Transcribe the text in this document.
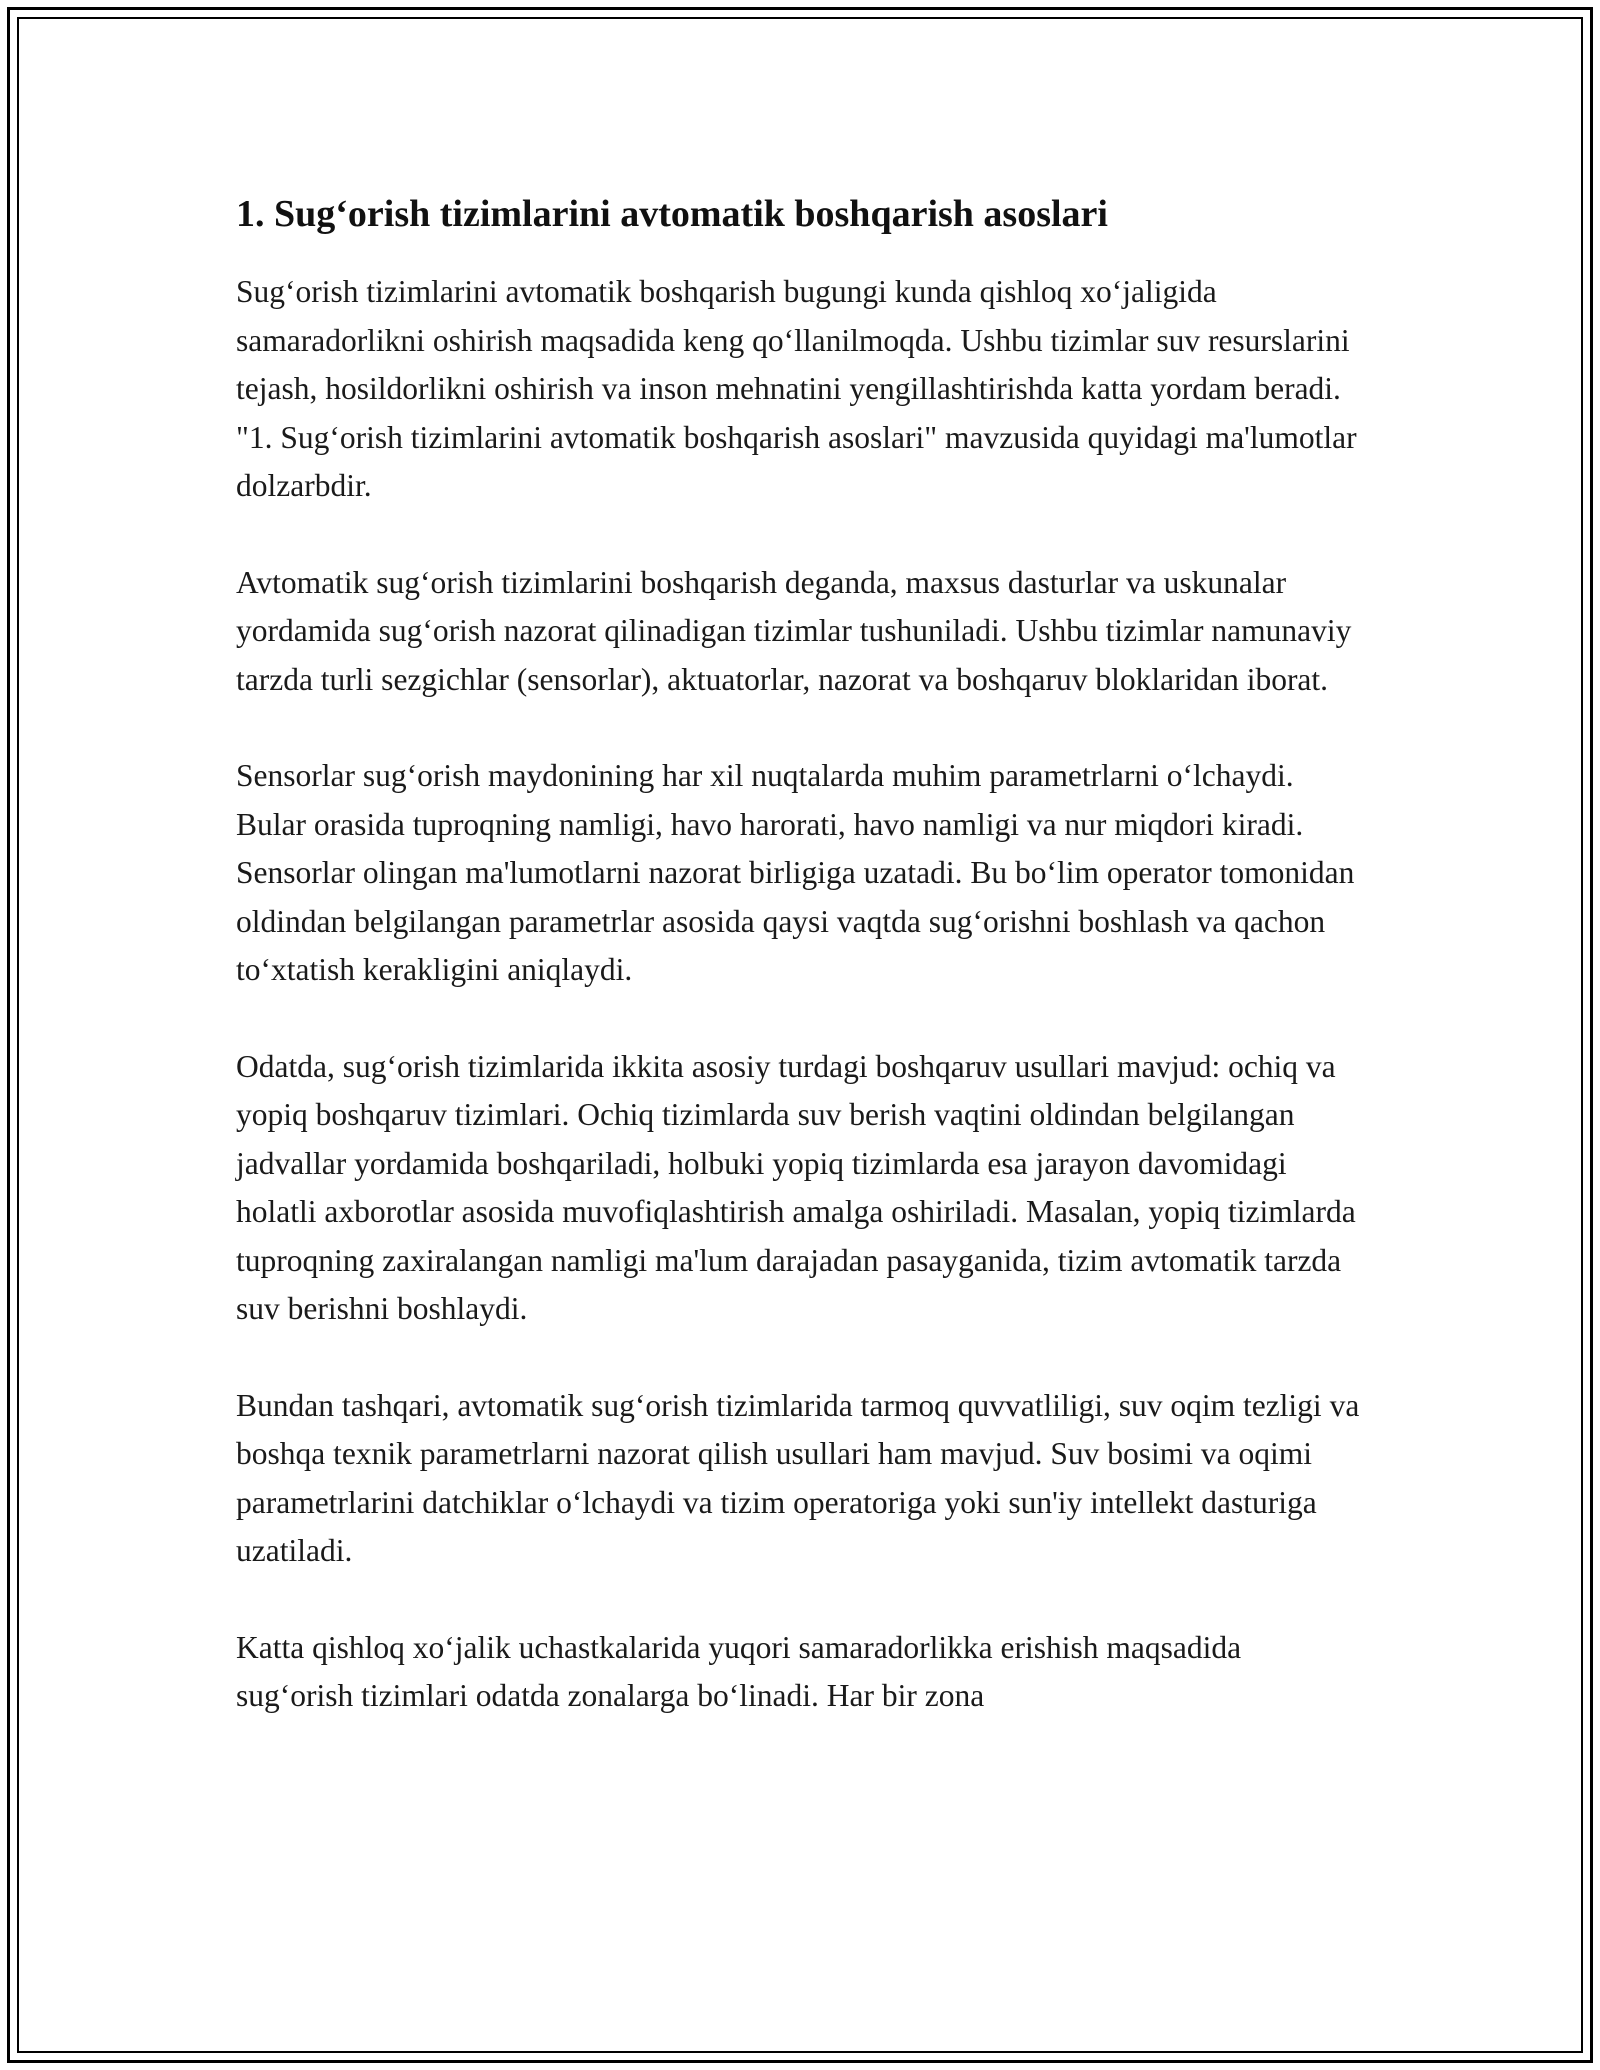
1. Sug‘orish tizimlarini avtomatik boshqarish asoslari

Sug‘orish tizimlarini avtomatik boshqarish bugungi kunda qishloq xo‘jaligida samaradorlikni oshirish maqsadida keng qo‘llanilmoqda. Ushbu tizimlar suv resurslarini tejash, hosildorlikni oshirish va inson mehnatini yengillashtirishda katta yordam beradi. "1. Sug‘orish tizimlarini avtomatik boshqarish asoslari" mavzusida quyidagi ma'lumotlar dolzarbdir.

Avtomatik sug‘orish tizimlarini boshqarish deganda, maxsus dasturlar va uskunalar yordamida sug‘orish nazorat qilinadigan tizimlar tushuniladi. Ushbu tizimlar namunaviy tarzda turli sezgichlar (sensorlar), aktuatorlar, nazorat va boshqaruv bloklaridan iborat.

Sensorlar sug‘orish maydonining har xil nuqtalarda muhim parametrlarni o‘lchaydi. Bular orasida tuproqning namligi, havo harorati, havo namligi va nur miqdori kiradi. Sensorlar olingan ma'lumotlarni nazorat birligiga uzatadi. Bu bo‘lim operator tomonidan oldindan belgilangan parametrlar asosida qaysi vaqtda sug‘orishni boshlash va qachon to‘xtatish kerakligini aniqlaydi.

Odatda, sug‘orish tizimlarida ikkita asosiy turdagi boshqaruv usullari mavjud: ochiq va yopiq boshqaruv tizimlari. Ochiq tizimlarda suv berish vaqtini oldindan belgilangan jadvallar yordamida boshqariladi, holbuki yopiq tizimlarda esa jarayon davomidagi holatli axborotlar asosida muvofiqlashtirish amalga oshiriladi. Masalan, yopiq tizimlarda tuproqning zaxiralangan namligi ma'lum darajadan pasayganida, tizim avtomatik tarzda suv berishni boshlaydi.

Bundan tashqari, avtomatik sug‘orish tizimlarida tarmoq quvvatliligi, suv oqim tezligi va boshqa texnik parametrlarni nazorat qilish usullari ham mavjud. Suv bosimi va oqimi parametrlarini datchiklar o‘lchaydi va tizim operatoriga yoki sun'iy intellekt dasturiga uzatiladi.

Katta qishloq xo‘jalik uchastkalarida yuqori samaradorlikka erishish maqsadida sug‘orish tizimlari odatda zonalarga bo‘linadi. Har bir zona
